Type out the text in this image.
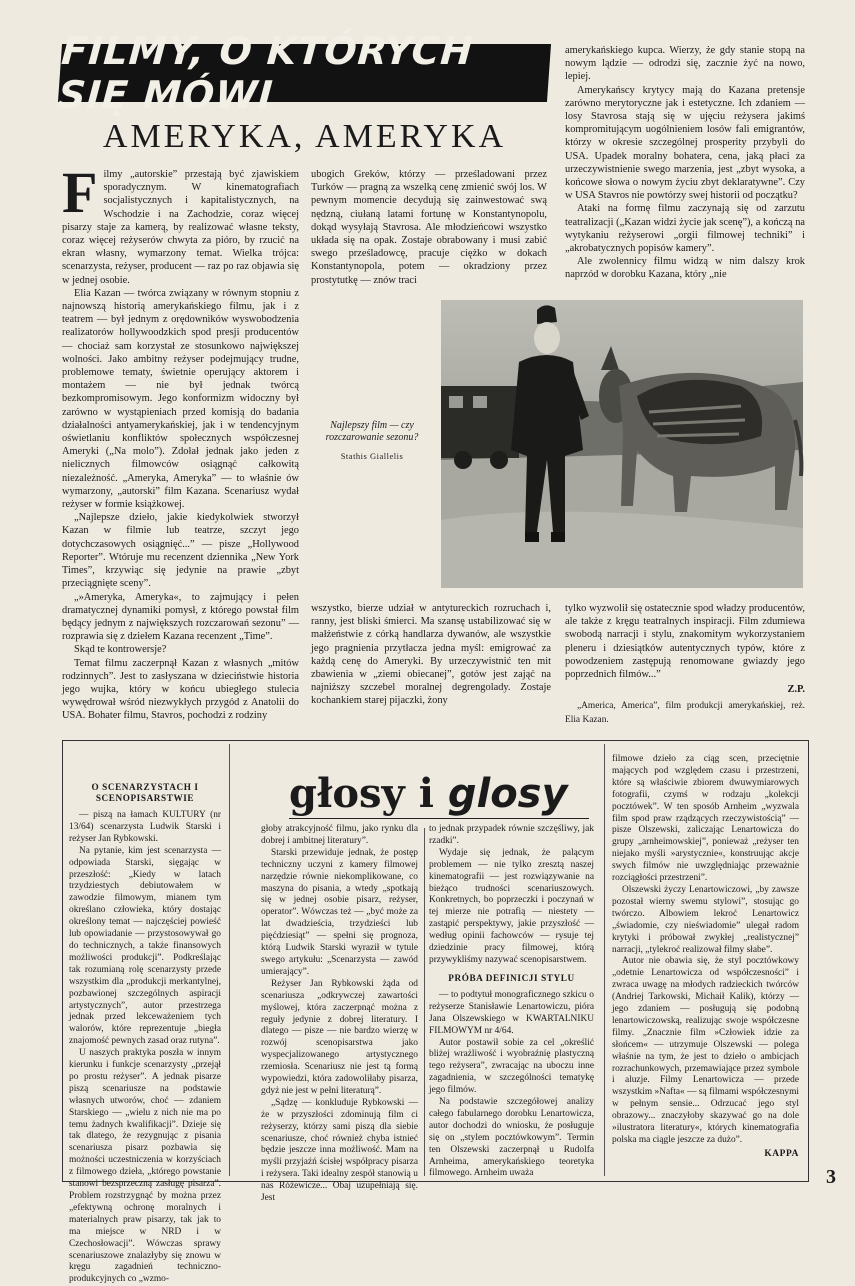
FILMY, O KTÓRYCH SIĘ MÓWI
AMERYKA, AMERYKA
F ilmy „autorskie” przestają być zjawiskiem sporadycznym. W kinematografiach socjalistycznych i kapitalistycznych, na Wschodzie i na Zachodzie, coraz więcej pisarzy staje za kamerą, by realizować własne teksty, coraz więcej reżyserów chwyta za pióro, by rzucić na ekran własny, wymarzony temat. Wielka trójca: scenarzysta, reżyser, producent — raz po raz objawia się w jednej osobie.

Elia Kazan — twórca związany w równym stopniu z najnowszą historią amerykańskiego filmu, jak i z teatrem — był jednym z orędowników wyswobodzenia realizatorów hollywoodzkich spod presji producentów — chociaż sam korzystał ze stosunkowo największej wolności. Jako ambitny reżyser podejmujący trudne, problemowe tematy, świetnie operujący aktorem i montażem — nie był jednak twórcą bezkompromisowym. Jego konformizm widoczny był zarówno w wystąpieniach przed komisją do badania działalności antyamerykańskiej, jak i w tendencyjnym oświetlaniu konfliktów społecznych współczesnej Ameryki („Na molo”). Zdołał jednak jako jeden z nielicznych filmowców osiągnąć całkowitą niezależność. „Ameryka, Ameryka” — to właśnie ów wymarzony, „autorski” film Kazana. Scenariusz wydał reżyser w formie książkowej.

„Najlepsze dzieło, jakie kiedykolwiek stworzył Kazan w filmie lub teatrze, szczyt jego dotychczasowych osiągnięć...” — pisze „Hollywood Reporter”. Wtóruje mu recenzent dziennika „New York Times”, krzywiąc się jedynie na prawie „zbyt przeciągnięte sceny”.

„»Ameryka, Ameryka«, to zajmujący i pełen dramatycznej dynamiki pomysł, z którego powstał film będący jednym z największych rozczarowań sezonu” — rozprawia się z dziełem Kazana recenzent „Time”.

Skąd te kontrowersje?

Temat filmu zaczerpnął Kazan z własnych „mitów rodzinnych”. Jest to zasłyszana w dzieciństwie historia jego wujka, który w końcu ubiegłego stulecia wywędrował wśród niezwykłych przygód z Anatolii do USA. Bohater filmu, Stavros, pochodzi z rodziny

ubogich Greków, którzy — prześladowani przez Turków — pragną za wszelką cenę zmienić swój los. W pewnym momencie decydują się zainwestować swą nędzną, ciułaną latami fortunę w Konstantynopolu, dokąd wysyłają Stavrosa. Ale młodzieńcowi wszystko układa się na opak. Zostaje obrabowany i musi zabić swego prześladowcę, pracuje ciężko w dokach Konstantynopola, potem — okradziony przez prostytutkę — znów traci

amerykańskiego kupca. Wierzy, że gdy stanie stopą na nowym lądzie — odrodzi się, zacznie żyć na nowo, lepiej.

Amerykańscy krytycy mają do Kazana pretensje zarówno merytoryczne jak i estetyczne. Ich zdaniem — losy Stavrosa stają się w ujęciu reżysera jakimś kompromitującym uogólnieniem losów fali emigrantów, którzy w okresie szczególnej prosperity przybyli do USA. Upadek moralny bohatera, cena, jaką płaci za urzeczywistnienie swego marzenia, jest „zbyt wysoka, a końcowe słowa o nowym życiu zbyt deklaratywne”. Czy w USA Stavros nie powtórzy swej historii od początku?

Ataki na formę filmu zaczynają się od zarzutu teatralizacji („Kazan widzi życie jak scenę”), a kończą na wytykaniu reżyserowi „orgii filmowej techniki” i „akrobatycznych popisów kamery”.

Ale zwolennicy filmu widzą w nim dalszy krok naprzód w dorobku Kazana, który „nie

Najlepszy film — czy rozczarowanie sezonu?
Stathis Giallelis

wszystko, bierze udział w antytureckich rozruchach i, ranny, jest bliski śmierci. Ma szansę ustabilizować się w małżeństwie z córką handlarza dywanów, ale wszystkie jego pragnienia przytłacza jedna myśl: emigrować za każdą cenę do Ameryki. By urzeczywistnić ten mit zbawienia w „ziemi obiecanej”, gotów jest zająć na najniższy szczebel moralnej degrengolady. Zostaje kochankiem starej pijaczki, żony

tylko wyzwolił się ostatecznie spod władzy producentów, ale także z kręgu teatralnych inspiracji. Film zdumiewa swobodą narracji i stylu, znakomitym wykorzystaniem pleneru i dziesiątków autentycznych typów, które z powodzeniem zastępują renomowane gwiazdy jego poprzednich filmów...”

Z.P.

„America, America”, film produkcji amerykańskiej, reż. Elia Kazan.

głosy i glosy
O SCENARZYSTACH I SCENOPISARSTWIE

— piszą na łamach KULTURY (nr 13/64) scenarzysta Ludwik Starski i reżyser Jan Rybkowski.

Na pytanie, kim jest scenarzysta — odpowiada Starski, sięgając w przeszłość: „Kiedy w latach trzydziestych debiutowałem w zawodzie filmowym, mianem tym określano człowieka, który dostając określony temat — najczęściej powieść lub opowiadanie — przystosowywał go do technicznych, a także finansowych możliwości produkcji”. Podkreślając tak rozumianą rolę scenarzysty przede wszystkim dla „produkcji merkantylnej, pozbawionej szczególnych aspiracji artystycznych”, autor przestrzega jednak przed lekceważeniem tych walorów, które reprezentuje „biegła znajomość pewnych zasad oraz rutyna”.

U naszych praktyka poszła w innym kierunku i funkcje scenarzysty „przejął po prostu reżyser”. A jednak pisarze piszą scenariusze na podstawie własnych utworów, choć — zdaniem Starskiego — „wielu z nich nie ma po temu żadnych kwalifikacji”. Dzieje się tak dlatego, że rezygnując z pisania scenariusza pisarz pozbawia się możności uczestniczenia w korzyściach z filmowego dzieła, „którego powstanie stanowi bezsprzeczną zasługę pisarza”. Problem rozstrzygnąć by można przez „efektywną ochronę moralnych i materialnych praw pisarzy, tak jak to ma miejsce w NRD i w Czechosłowacji”. Wówczas sprawy scenariuszowe znalazłyby się znowu w kręgu zagadnień techniczno-produkcyjnych co „wzmo-

głoby atrakcyjność filmu, jako rynku dla dobrej i ambitnej literatury”.

Starski przewiduje jednak, że postęp techniczny uczyni z kamery filmowej narzędzie równie niekomplikowane, co maszyna do pisania, a wtedy „spotkają się w jednej osobie pisarz, reżyser, operator”. Wówczas też — „być może za lat dwadzieścia, trzydzieści lub pięćdziesiąt” — spełni się prognoza, którą Ludwik Starski wyraził w tytule swego artykułu: „Scenarzysta — zawód umierający”.

Reżyser Jan Rybkowski żąda od scenariusza „odkrywczej zawartości myślowej, która zaczerpnąć można z reguły jedynie z dobrej literatury. I dlatego — pisze — nie bardzo wierzę w rozwój scenopisarstwa jako wyspecjalizowanego artystycznego rzemiosła. Scenariusz nie jest tą formą wypowiedzi, która zadowoliłaby pisarza, gdyż nie jest w pełni literaturą”.

„Sądzę — konkluduje Rybkowski — że w przyszłości zdominują film ci reżyserzy, którzy sami piszą dla siebie scenariusze, choć również chyba istnieć będzie jeszcze inna możliwość. Mam na myśli przyjaźń ścisłej współpracy pisarza i reżysera. Taki idealny zespół stanowią u nas Różewicze... Obaj uzupełniają się. Jest

to jednak przypadek równie szczęśliwy, jak rzadki”.

Wydaje się jednak, że palącym problemem — nie tylko zresztą naszej kinematografii — jest rozwiązywanie na bieżąco trudności scenariuszowych. Konkretnych, bo poprzeczki i poczynań w tej mierze nie potrafią — niestety — zastąpić perspektywy, jakie przyszłość — według opinii fachowców — rysuje tej dziedzinie pracy filmowej, którą przywykliśmy nazywać scenopisarstwem.

PRÓBA DEFINICJI STYLU

— to podtytuł monograficznego szkicu o reżyserze Stanisławie Lenartowiczu, pióra Jana Olszewskiego w KWARTALNIKU FILMOWYM nr 4/64.

Autor postawił sobie za cel „określić bliżej wrażliwość i wyobraźnię plastyczną tego reżysera”, zwracając na uboczu inne zagadnienia, w szczególności tematykę jego filmów.

Na podstawie szczegółowej analizy całego fabularnego dorobku Lenartowicza, autor dochodzi do wniosku, że posługuje się on „stylem pocztówkowym”. Termin ten Olszewski zaczerpnął u Rudolfa Arnheima, amerykańskiego teoretyka filmowego. Arnheim uważa

filmowe dzieło za ciąg scen, przeciętnie mających pod względem czasu i przestrzeni, które są właściwie zbiorem dwuwymiarowych fotografii, czymś w rodzaju „kolekcji pocztówek”. W ten sposób Arnheim „wyzwala film spod praw rządzących rzeczywistością” — pisze Olszewski, zaliczając Lenartowicza do grupy „arnheimowskiej”, ponieważ „reżyser ten niejako myśli »arystycznie«, konstruując akcje swych filmów nie uwzględniając przeważnie rozciągłości przestrzeni”.

Olszewski życzy Lenartowiczowi, „by zawsze pozostał wierny swemu stylowi”, stosując go twórczo. Albowiem lekroć Lenartowicz „świadomie, czy nieświadomie” ulegał radom krytyki i próbował zwykłej „realistycznej” narracji, „tylekroć realizował filmy słabe”.

Autor nie obawia się, że styl pocztówkowy „odetnie Lenartowicza od współczesności” i zwraca uwagę na młodych radzieckich twórców (Andriej Tarkowski, Michaił Kalik), którzy — jego zdaniem — posługują się podobną lenartowiczowską, realizując swoje współczesne filmy. „Znacznie film »Człowiek idzie za słońcem« — utrzymuje Olszewski — polega właśnie na tym, że jest to dzieło o ambicjach rozrachunkowych, przemawiające przez symbole i aluzje. Filmy Lenartowicza — przede wszystkim »Nafta« — są filmami współczesnymi w pełnym sensie... Odrzucać jego styl obrazowy... znaczyłoby skazywać go na dole »ilustratora literatury«, których kinematografia polska ma ciągle jeszcze za dużo”.

KAPPA
3
